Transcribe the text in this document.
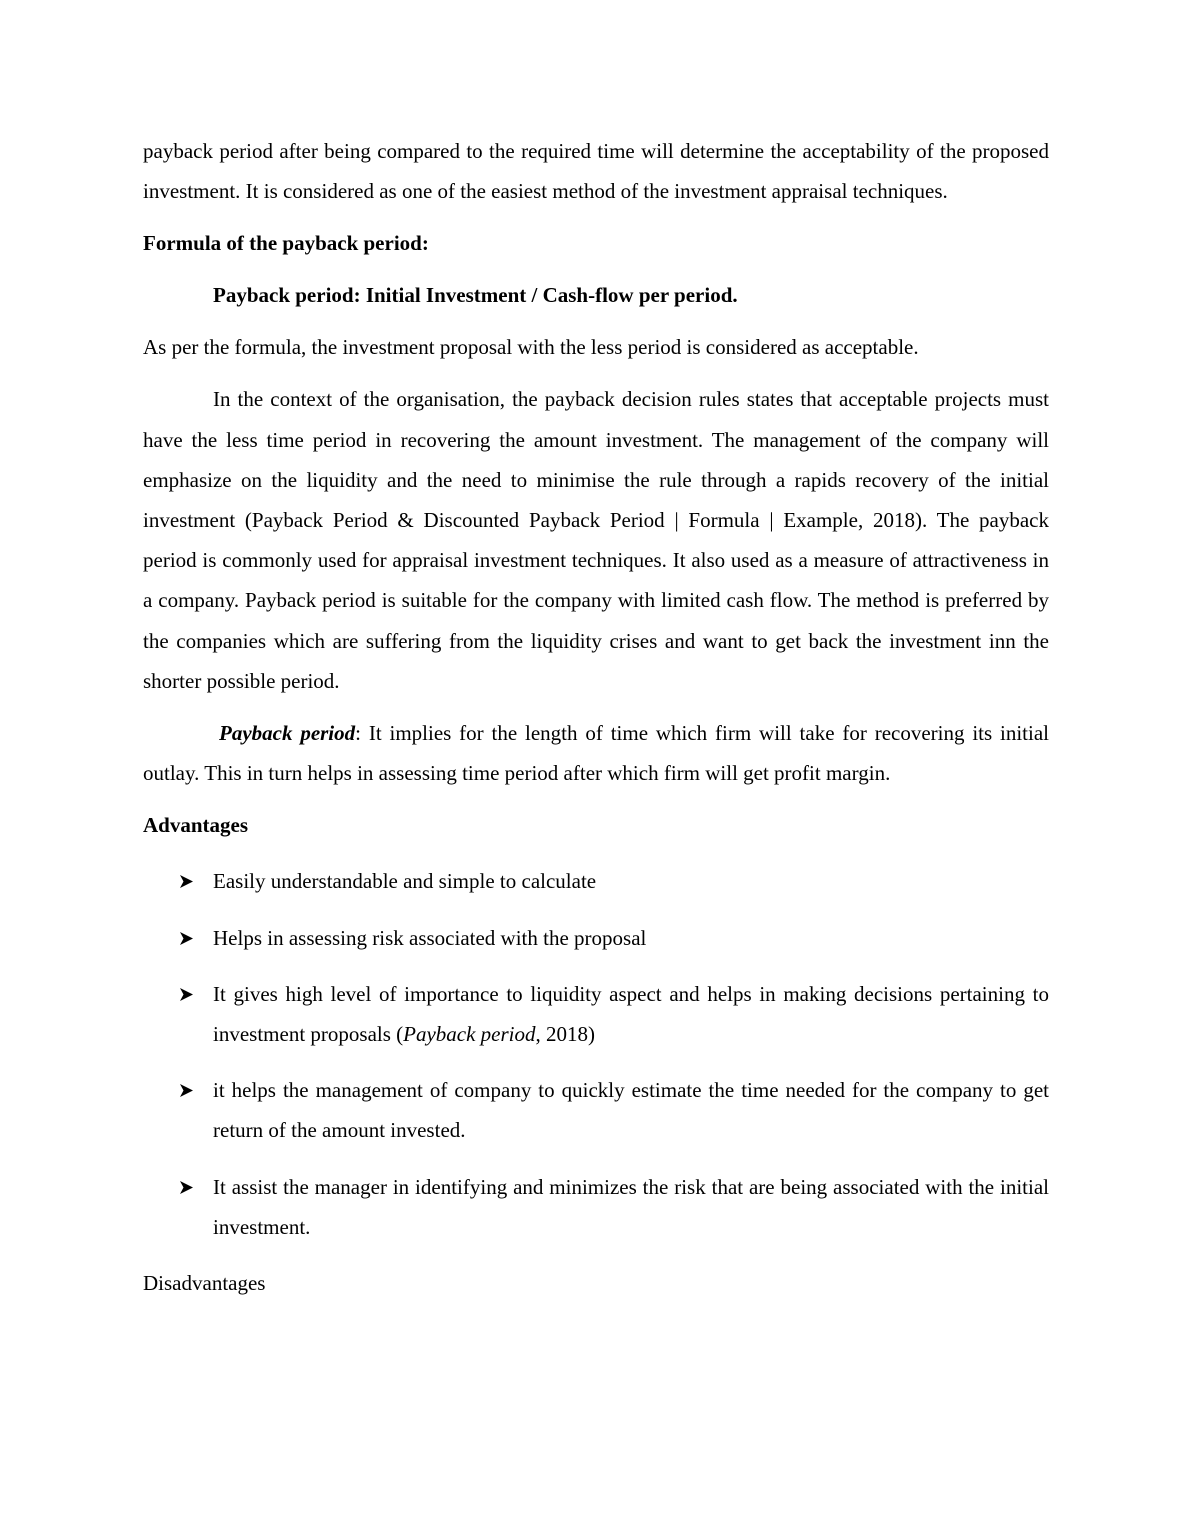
payback period after being compared to the required time will determine the acceptability of the proposed investment. It is considered as one of the easiest method of the investment appraisal techniques.

Formula of the payback period:

Payback period: Initial Investment / Cash-flow per period.

As per the formula, the investment proposal with the less period is considered as acceptable.

In the context of the organisation, the payback decision rules states that acceptable projects must have the less time period in recovering the amount investment. The management of the company will emphasize on the liquidity and the need to minimise the rule through a rapids recovery of the initial investment (Payback Period & Discounted Payback Period | Formula | Example, 2018). The payback period is commonly used for appraisal investment techniques. It also used as a measure of attractiveness in a company. Payback period is suitable for the company with limited cash flow. The method is preferred by the companies which are suffering from the liquidity crises and want to get back the investment inn the shorter possible period.

Payback period: It implies for the length of time which firm will take for recovering its initial outlay. This in turn helps in assessing time period after which firm will get profit margin.

Advantages

Easily understandable and simple to calculate
Helps in assessing risk associated with the proposal
It gives high level of importance to liquidity aspect and helps in making decisions pertaining to investment proposals (Payback period, 2018)
it helps the management of company to quickly estimate the time needed for the company to get return of the amount invested.
It assist the manager in identifying and minimizes the risk that are being associated with the initial investment.

Disadvantages
